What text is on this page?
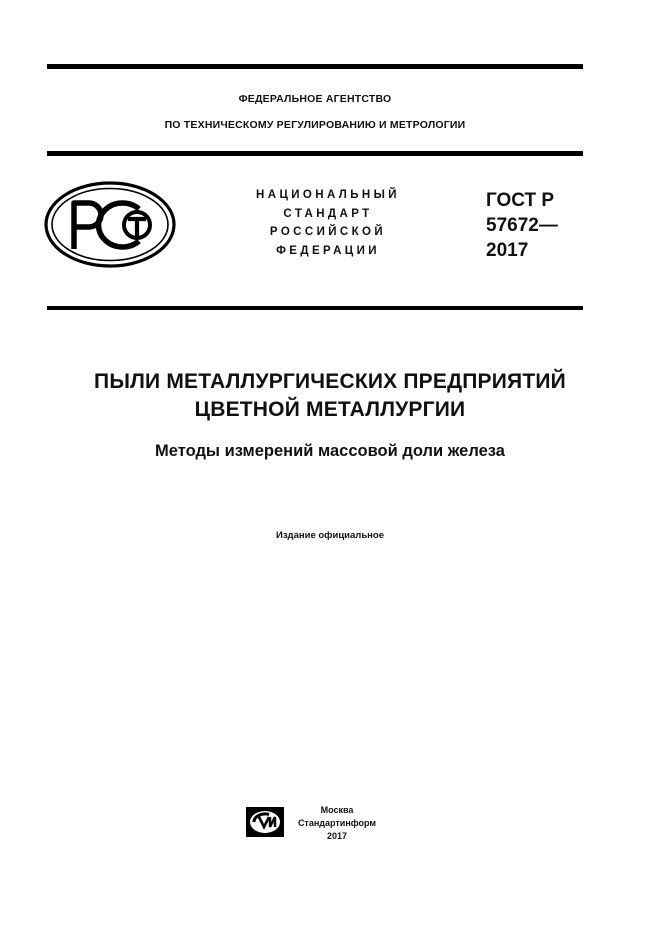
ФЕДЕРАЛЬНОЕ АГЕНТСТВО
ПО ТЕХНИЧЕСКОМУ РЕГУЛИРОВАНИЮ И МЕТРОЛОГИИ
НАЦИОНАЛЬНЫЙ
СТАНДАРТ
РОССИЙСКОЙ
ФЕДЕРАЦИИ
ГОСТ Р
57672—
2017
ПЫЛИ МЕТАЛЛУРГИЧЕСКИХ ПРЕДПРИЯТИЙ
ЦВЕТНОЙ МЕТАЛЛУРГИИ
Методы измерений массовой доли железа
Издание официальное
Москва
Стандартинформ
2017
